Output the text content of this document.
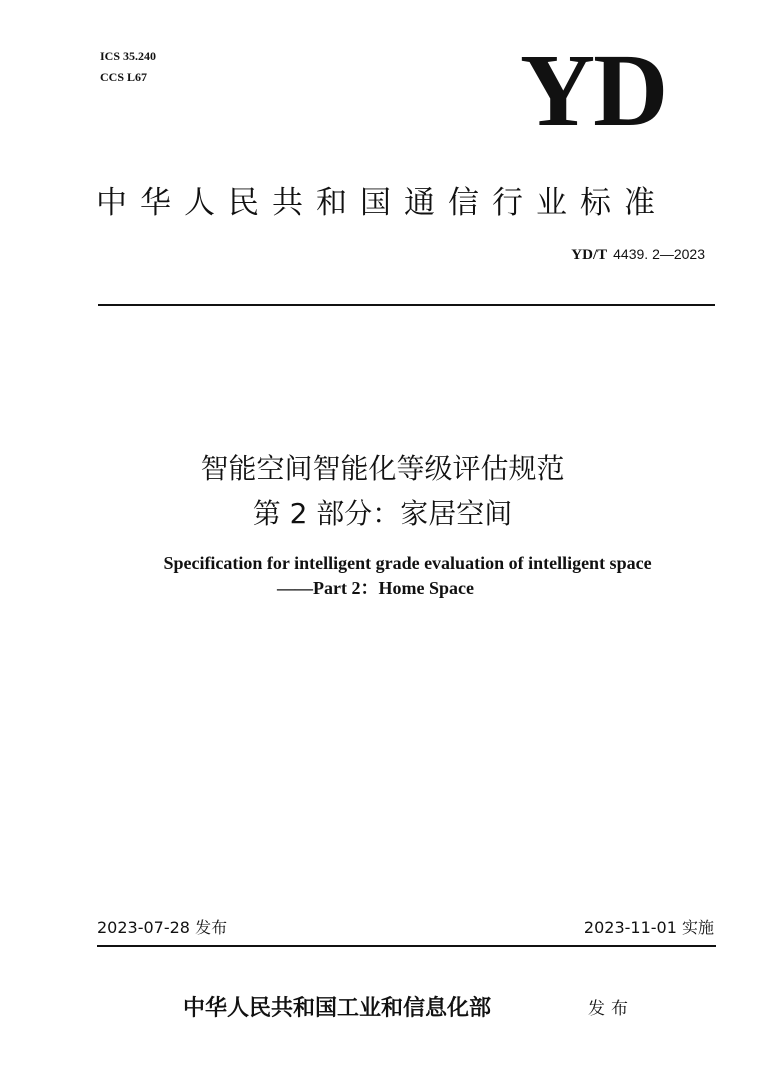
ICS 35.240
CCS L67	YD
中华人民共和国通信行业标准
YD/T 4439. 2—2023
智能空间智能化等级评估规范
第 2 部分：家居空间
Specification for intelligent grade evaluation of intelligent space
——Part 2：Home Space
2023-07-28 发布	2023-11-01 实施
中华人民共和国工业和信息化部	发布
